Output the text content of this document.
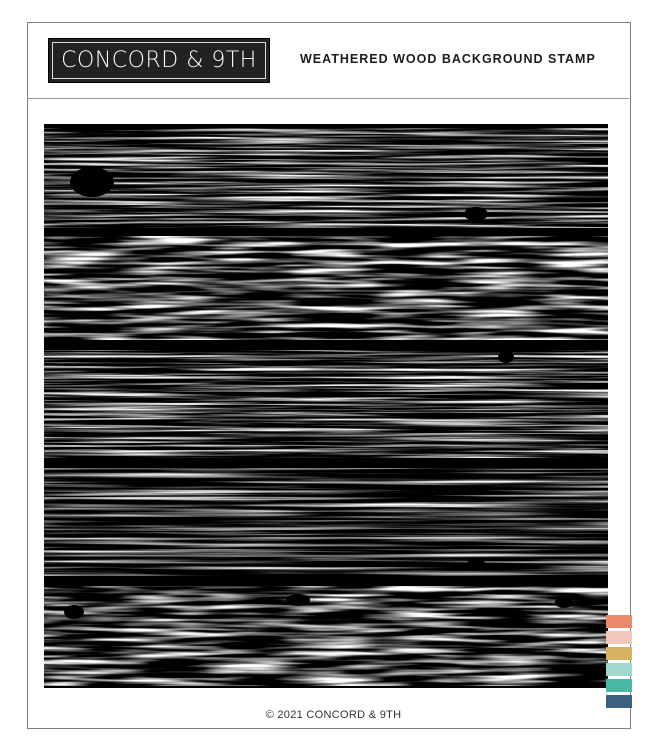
CONCORD & 9TH	WEATHERED WOOD BACKGROUND STAMP
© 2021 CONCORD & 9TH
